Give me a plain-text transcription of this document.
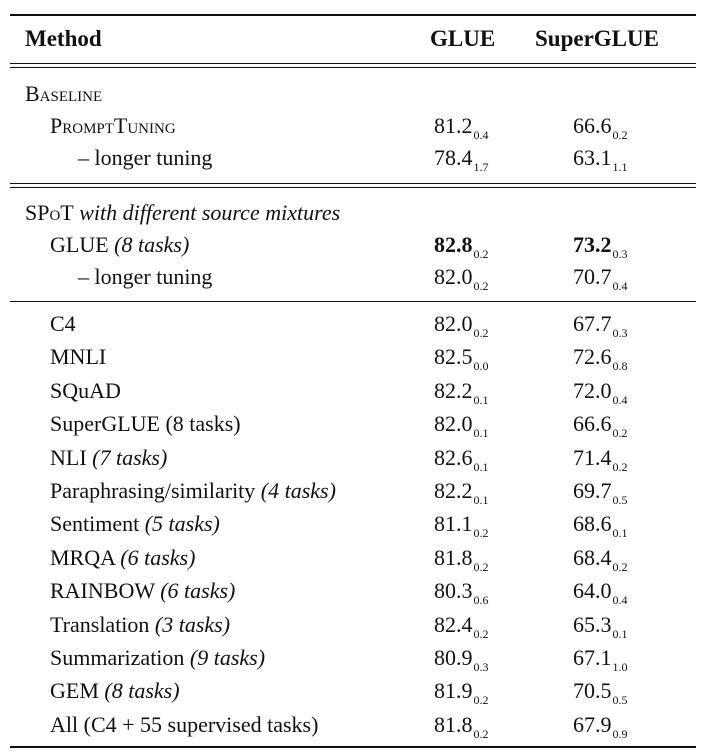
Method	GLUE SuperGLUE
Baseline
PromptTuning	$81.2_{0.4}$	$66.6_{0.2}$
– longer tuning	$78.4_{1.7}$	$63.1_{1.1}$
SPoT with different source mixtures
GLUE (8 tasks)	$82.8_{0.2}$	$73.2_{0.3}$
– longer tuning	$82.0_{0.2}$	$70.7_{0.4}$
C4	$82.0_{0.2}$	$67.7_{0.3}$
MNLI	$82.5_{0.0}$	$72.6_{0.8}$
SQuAD	$82.2_{0.1}$	$72.0_{0.4}$
SuperGLUE (8 tasks)	$82.0_{0.1}$	$66.6_{0.2}$
NLI (7 tasks)	$82.6_{0.1}$	$71.4_{0.2}$
Paraphrasing/similarity (4 tasks)	$82.2_{0.1}$	$69.7_{0.5}$
Sentiment (5 tasks)	$81.1_{0.2}$	$68.6_{0.1}$
MRQA (6 tasks)	$81.8_{0.2}$	$68.4_{0.2}$
RAINBOW (6 tasks)	$80.3_{0.6}$	$64.0_{0.4}$
Translation (3 tasks)	$82.4_{0.2}$	$65.3_{0.1}$
Summarization (9 tasks)	$80.9_{0.3}$	$67.1_{1.0}$
GEM (8 tasks)	$81.9_{0.2}$	$70.5_{0.5}$
All (C4 + 55 supervised tasks)	$81.8_{0.2}$	$67.9_{0.9}$
